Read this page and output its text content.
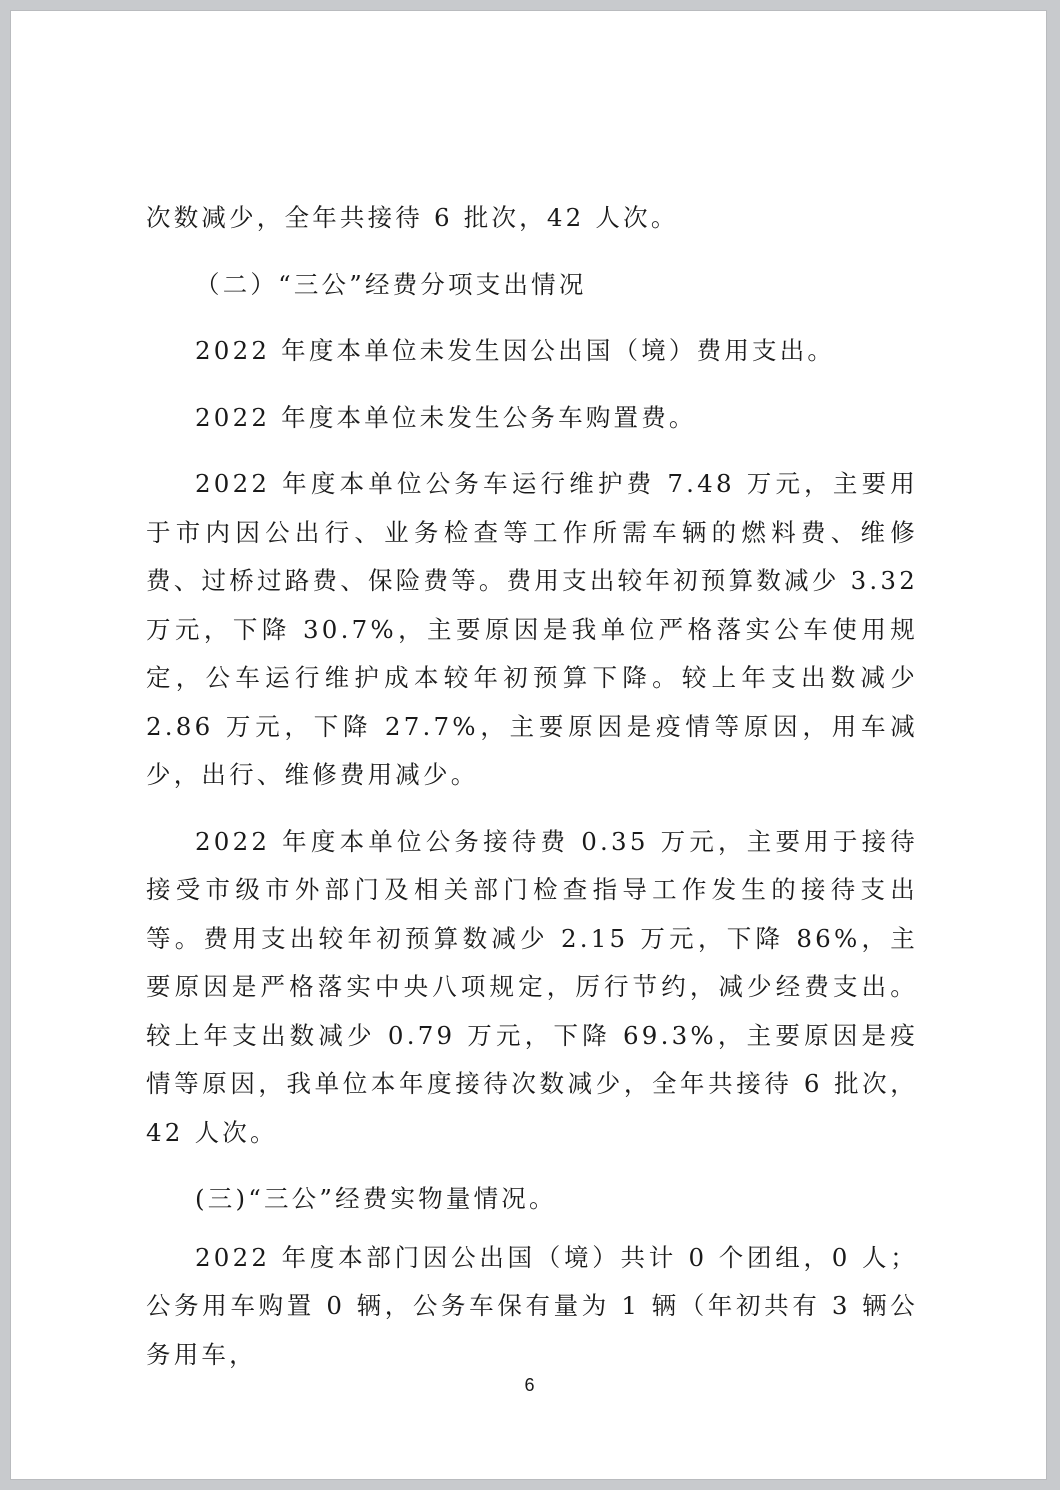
次数减少，全年共接待 6 批次，42 人次。

（二）“三公”经费分项支出情况

2022 年度本单位未发生因公出国（境）费用支出。

2022 年度本单位未发生公务车购置费。

2022 年度本单位公务车运行维护费 7.48 万元，主要用于市内因公出行、业务检查等工作所需车辆的燃料费、维修费、过桥过路费、保险费等。费用支出较年初预算数减少 3.32 万元，下降 30.7%，主要原因是我单位严格落实公车使用规定，公车运行维护成本较年初预算下降。较上年支出数减少 2.86 万元，下降 27.7%，主要原因是疫情等原因，用车减少，出行、维修费用减少。

2022 年度本单位公务接待费 0.35 万元，主要用于接待接受市级市外部门及相关部门检查指导工作发生的接待支出等。费用支出较年初预算数减少 2.15 万元，下降 86%，主要原因是严格落实中央八项规定，厉行节约，减少经费支出。较上年支出数减少 0.79 万元，下降 69.3%，主要原因是疫情等原因，我单位本年度接待次数减少，全年共接待 6 批次，42 人次。

(三)“三公”经费实物量情况。

2022 年度本部门因公出国（境）共计 0 个团组，0 人；公务用车购置 0 辆，公务车保有量为 1 辆（年初共有 3 辆公务用车，

6
